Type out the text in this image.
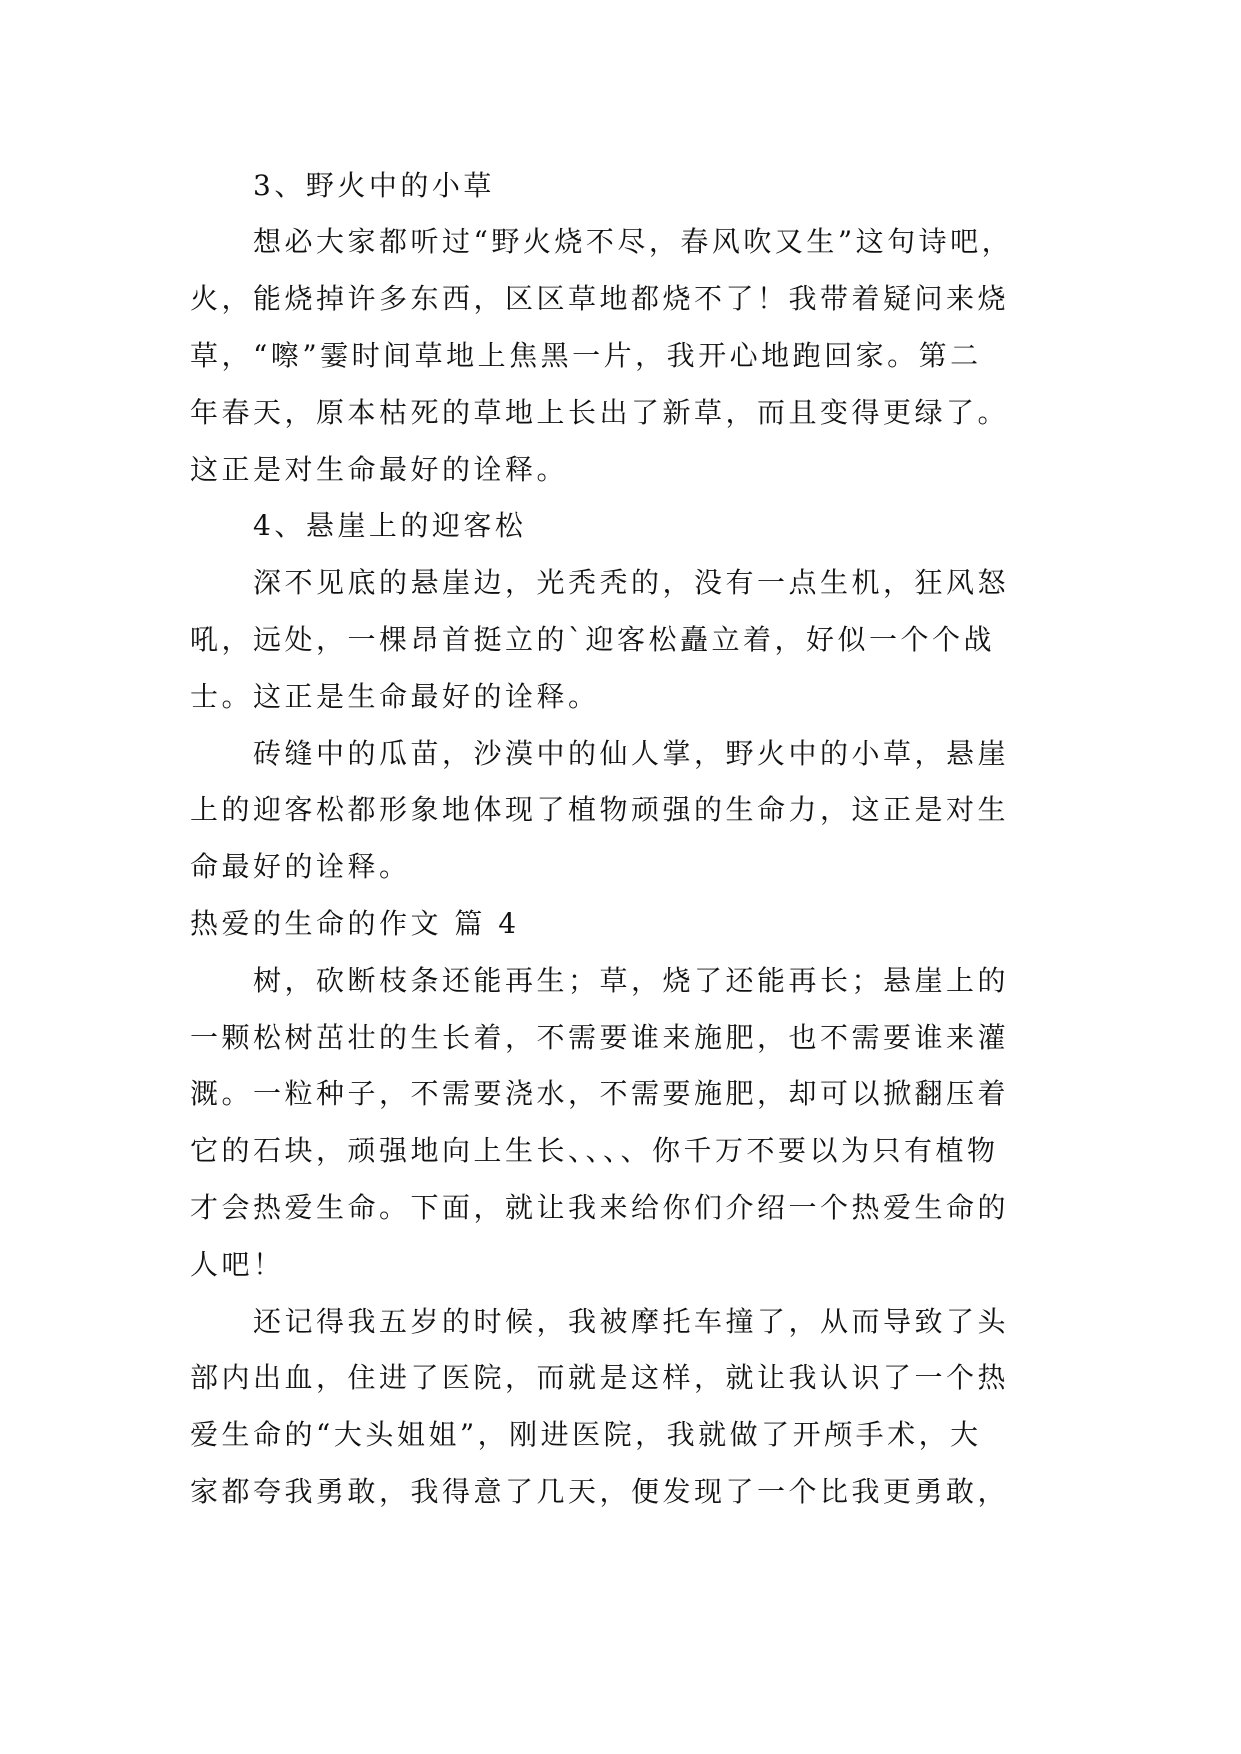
3、野火中的小草
想必大家都听过“野火烧不尽，春风吹又生”这句诗吧，
火，能烧掉许多东西，区区草地都烧不了！我带着疑问来烧
草，“嚓”霎时间草地上焦黑一片，我开心地跑回家。第二
年春天，原本枯死的草地上长出了新草，而且变得更绿了。
这正是对生命最好的诠释。
4、悬崖上的迎客松
深不见底的悬崖边，光秃秃的，没有一点生机，狂风怒
吼，远处，一棵昂首挺立的`迎客松矗立着，好似一个个战
士。这正是生命最好的诠释。
砖缝中的瓜苗，沙漠中的仙人掌，野火中的小草，悬崖
上的迎客松都形象地体现了植物顽强的生命力，这正是对生
命最好的诠释。
热爱的生命的作文 篇 4
树，砍断枝条还能再生；草，烧了还能再长；悬崖上的
一颗松树茁壮的生长着，不需要谁来施肥，也不需要谁来灌
溉。一粒种子，不需要浇水，不需要施肥，却可以掀翻压着
它的石块，顽强地向上生长、、、、你千万不要以为只有植物
才会热爱生命。下面，就让我来给你们介绍一个热爱生命的
人吧！
还记得我五岁的时候，我被摩托车撞了，从而导致了头
部内出血，住进了医院，而就是这样，就让我认识了一个热
爱生命的“大头姐姐”，刚进医院，我就做了开颅手术，大
家都夸我勇敢，我得意了几天，便发现了一个比我更勇敢，
